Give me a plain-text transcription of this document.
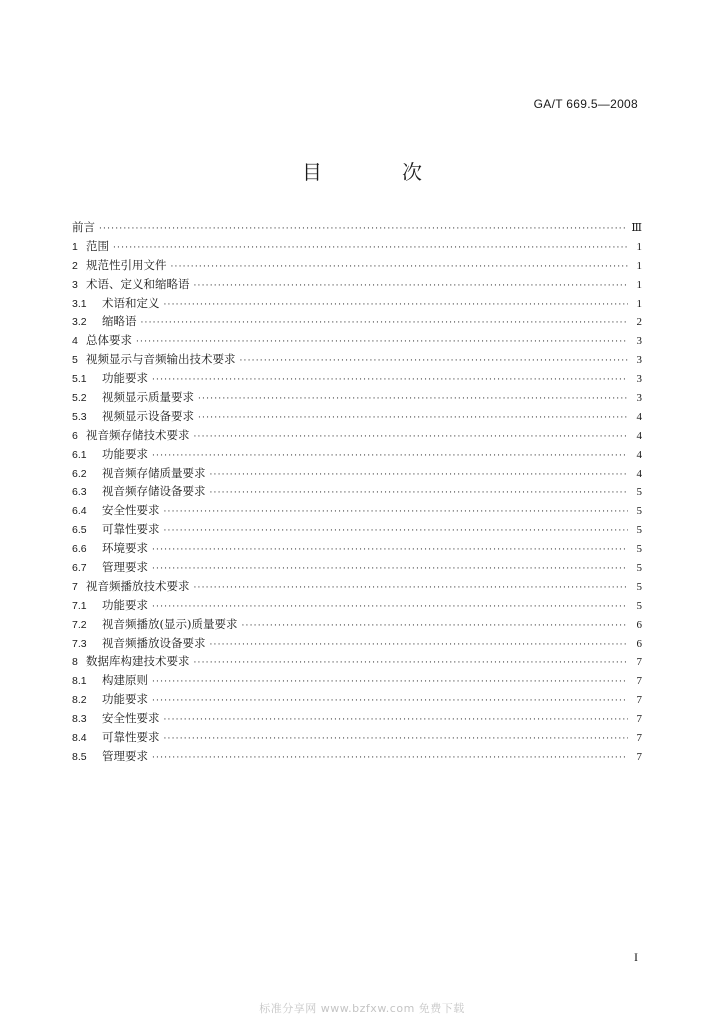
GA/T 669.5—2008
目　次
前言 ·····	Ⅲ
1 范围 ·····	1
2 规范性引用文件 ·····	1
3 术语、定义和缩略语 ·····	1
3.1	术语和定义 ·····	1
3.2	缩略语 ·····	2
4 总体要求 ·····	3
5 视频显示与音频输出技术要求 ·····	3
5.1	功能要求 ·····	3
5.2	视频显示质量要求 ·····	3
5.3	视频显示设备要求 ·····	4
6 视音频存储技术要求 ·····	4
6.1	功能要求 ·····	4
6.2	视音频存储质量要求 ·····	4
6.3	视音频存储设备要求 ·····	5
6.4	安全性要求 ·····	5
6.5	可靠性要求 ·····	5
6.6	环境要求 ·····	5
6.7	管理要求 ·····	5
7 视音频播放技术要求 ·····	5
7.1	功能要求 ·····	5
7.2	视音频播放(显示)质量要求 ·····	6
7.3	视音频播放设备要求 ·····	6
8 数据库构建技术要求 ·····	7
8.1	构建原则 ·····	7
8.2	功能要求 ·····	7
8.3	安全性要求 ·····	7
8.4	可靠性要求 ·····	7
8.5	管理要求 ·····	7
I
标准分享网 www.bzfxw.com 免费下载
